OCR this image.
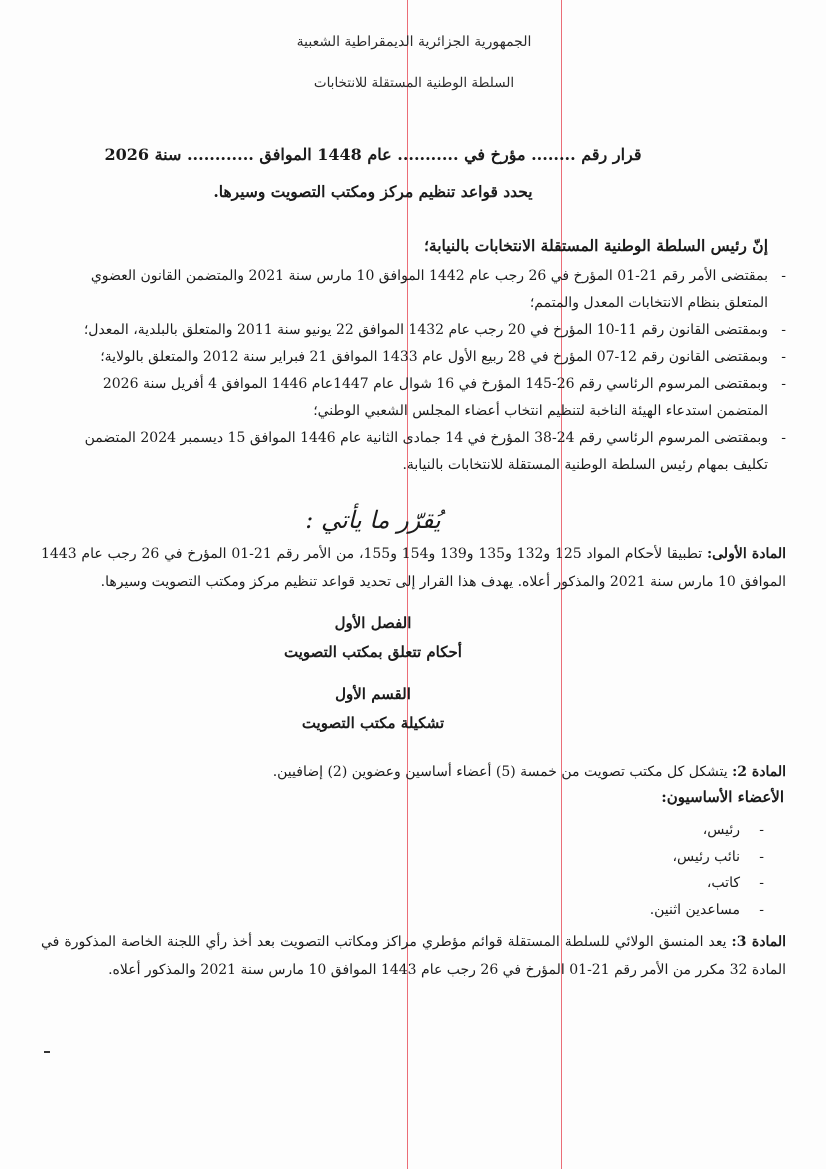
الجمهورية الجزائرية الديمقراطية الشعبية
السلطة الوطنية المستقلة للانتخابات
قرار رقم ........ مؤرخ في ........... عام 1448 الموافق ............ سنة 2026
يحدد قواعد تنظيم مركز ومكتب التصويت وسيرها.
إنّ رئيس السلطة الوطنية المستقلة الانتخابات بالنيابة؛
- بمقتضى الأمر رقم 21-01 المؤرخ في 26 رجب عام 1442 الموافق 10 مارس سنة 2021 والمتضمن القانون العضوي المتعلق بنظام الانتخابات المعدل والمتمم؛
- وبمقتضى القانون رقم 11-10 المؤرخ في 20 رجب عام 1432 الموافق 22 يونيو سنة 2011 والمتعلق بالبلدية، المعدل؛
- وبمقتضى القانون رقم 12-07 المؤرخ في 28 ربيع الأول عام 1433 الموافق 21 فبراير سنة 2012 والمتعلق بالولاية؛
- وبمقتضى المرسوم الرئاسي رقم 26-145 المؤرخ في 16 شوال عام 1447عام 1446 الموافق 4 أفريل سنة 2026 المتضمن استدعاء الهيئة الناخبة لتنظيم انتخاب أعضاء المجلس الشعبي الوطني؛
- وبمقتضى المرسوم الرئاسي رقم 24-38 المؤرخ في 14 جمادى الثانية عام 1446 الموافق 15 ديسمبر 2024 المتضمن تكليف بمهام رئيس السلطة الوطنية المستقلة للانتخابات بالنيابة.
يُقرّر ما يأتي :
المادة الأولى: تطبيقا لأحكام المواد 125 و132 و135 و139 و154 و155، من الأمر رقم 21-01 المؤرخ في 26 رجب عام 1443 الموافق 10 مارس سنة 2021 والمذكور أعلاه. يهدف هذا القرار إلى تحديد قواعد تنظيم مركز ومكتب التصويت وسيرها.
الفصل الأول
أحكام تتعلق بمكتب التصويت
القسم الأول
تشكيلة مكتب التصويت
المادة 2: يتشكل كل مكتب تصويت من خمسة (5) أعضاء أساسين وعضوين (2) إضافيين.
الأعضاء الأساسيون:
- رئيس،
- نائب رئيس،
- كاتب،
- مساعدين اثنين.
المادة 3: يعد المنسق الولائي للسلطة المستقلة قوائم مؤطري مراكز ومكاتب التصويت بعد أخذ رأي اللجنة الخاصة المذكورة في المادة 32 مكرر من الأمر رقم 21-01 المؤرخ في 26 رجب عام 1443 الموافق 10 مارس سنة 2021 والمذكور أعلاه.
